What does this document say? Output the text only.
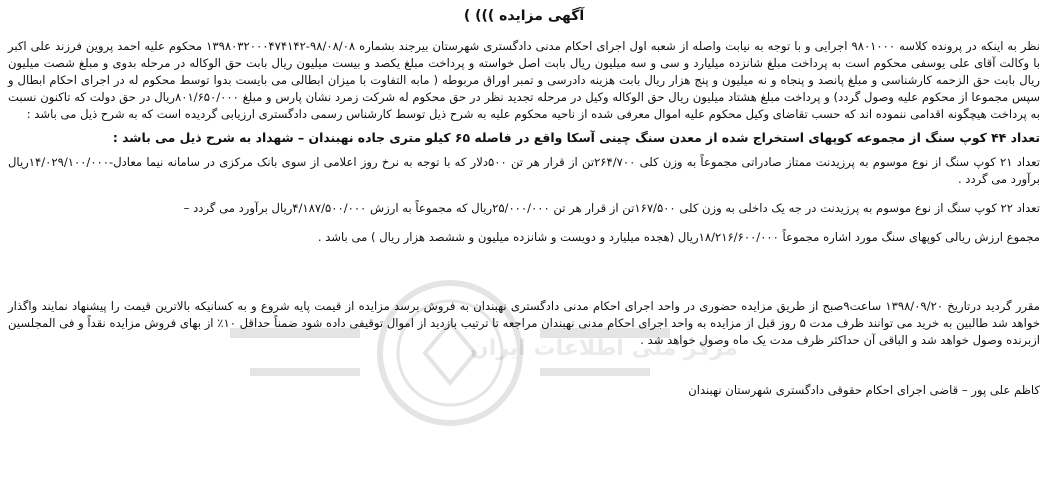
آگهی مزایده ))) )

نظر به اینکه در پرونده کلاسه ۹۸۰۱۰۰۰ اجرایی و با توجه به نیابت واصله از شعبه اول اجرای احکام مدنی دادگستری شهرستان بیرجند بشماره ۹۸/۰۸/۰۸-۱۳۹۸۰۳۲۰۰۰۴۷۴۱۴۲ محکوم علیه احمد پروین فرزند علی اکبر با وکالت آقای علی یوسفی محکوم است به پرداخت مبلغ شانزده میلیارد و سی و سه میلیون ریال بابت اصل خواسته و پرداخت مبلغ یکصد و بیست میلیون ریال بابت حق الوکاله در مرحله بدوی و مبلغ شصت میلیون ریال بابت حق الزحمه کارشناسی و مبلغ پانصد و پنجاه و نه میلیون و پنج هزار ریال بابت هزینه دادرسی و تمبر اوراق مربوطه ( مابه التفاوت با میزان ابطالی می بایست بدوا توسط محکوم له در اجرای احکام ابطال و سپس مجموعا از محکوم علیه وصول گردد) و پرداخت مبلغ هشتاد میلیون ریال حق الوکاله وکیل در مرحله تجدید نظر در حق محکوم له شرکت زمرد نشان پارس و مبلغ ۸۰۱/۶۵۰/۰۰۰ریال در حق دولت که تاکنون نسبت به پرداخت هیچگونه اقدامی ننموده اند که حسب تقاضای وکیل محکوم علیه اموال معرفی شده از ناحیه محکوم علیه به شرح ذیل توسط کارشناس رسمی دادگستری ارزیابی گردیده است که به شرح ذیل می باشد :

تعداد ۴۴ کوپ سنگ از مجموعه کوپهای استخراج شده از معدن سنگ چینی آسکا واقع در فاصله ۶۵ کیلو متری جاده نهبندان – شهداد به شرح ذیل می باشد :

تعداد ۲۱ کوپ سنگ از نوع موسوم به پرزیدنت ممتاز صادراتی مجموعاً به وزن کلی ۲۶۴/۷۰۰تن از قرار هر تن ۵۰۰دلار که با توجه به نرخ روز اعلامی از سوی بانک مرکزی در سامانه نیما معادل-۱۴/۰۲۹/۱۰۰/۰۰۰ریال برآورد می گردد .

تعداد ۲۲ کوپ سنگ از نوع موسوم به پرزیدنت در جه یک داخلی به وزن کلی ۱۶۷/۵۰۰تن از قرار هر تن ۲۵/۰۰۰/۰۰۰ریال که مجموعاً به ارزش ۴/۱۸۷/۵۰۰/۰۰۰ریال برآورد می گردد –

مجموع ارزش ریالی کوپهای سنگ مورد اشاره مجموعاً ۱۸/۲۱۶/۶۰۰/۰۰۰ریال (هجده میلیارد و دویست و شانزده میلیون و ششصد هزار ریال ) می باشد .

مقرر گردید درتاریخ ۱۳۹۸/۰۹/۲۰ ساعت۹صبح از طریق مزایده حضوری در واحد اجرای احکام مدنی دادگستری نهبندان به فروش برسد مزایده از قیمت پایه شروع و به کسانیکه بالاترین قیمت را پیشنهاد نمایند واگذار خواهد شد طالبین به خرید می توانند ظرف مدت ۵ روز قبل از مزایده به واحد اجرای احکام مدنی نهبندان مراجعه تا ترتیب بازدید از اموال توقیفی داده شود ضمناً حداقل ۱۰٪ از بهای فروش مزایده نقداً و فی المجلسین ازبرنده وصول خواهد شد و الباقی آن حداکثر ظرف مدت یک ماه وصول خواهد شد .

کاظم علی پور – قاضی اجرای احکام حقوقی دادگستری شهرستان نهبندان
مرکز ملی اطلاعات ایران
